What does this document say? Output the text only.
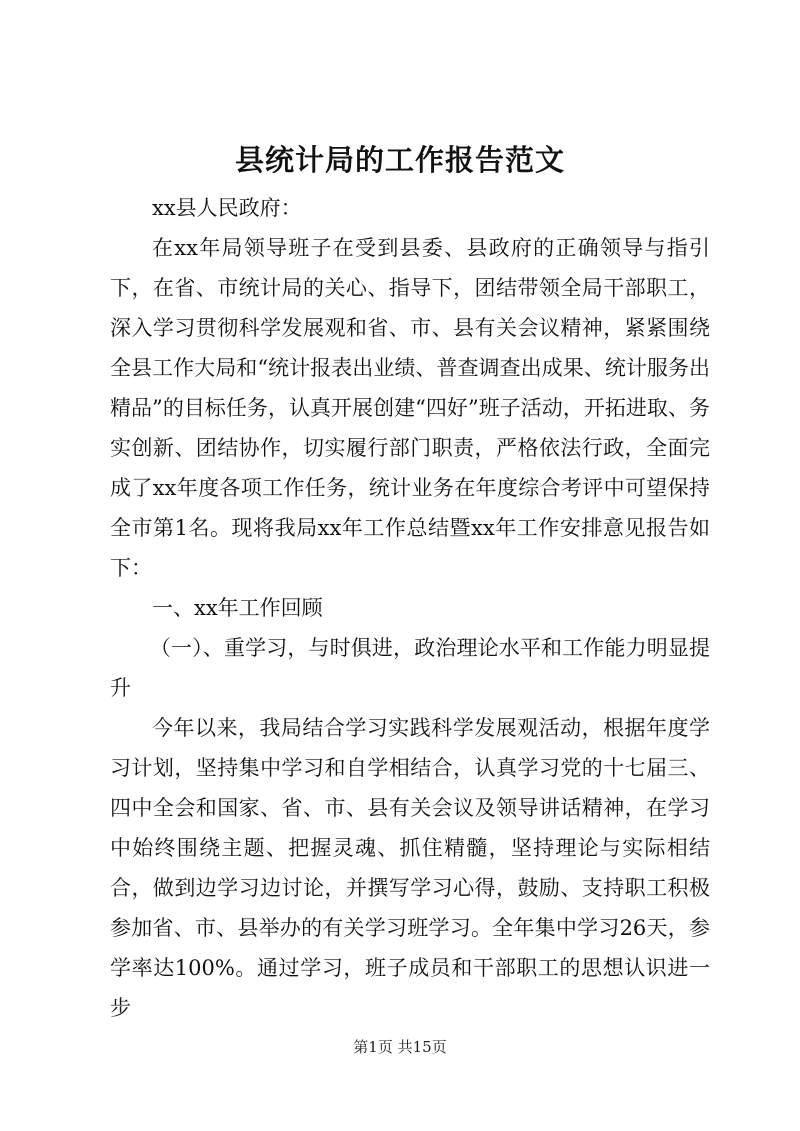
县统计局的工作报告范文

xx县人民政府：

在xx年局领导班子在受到县委、县政府的正确领导与指引下，在省、市统计局的关心、指导下，团结带领全局干部职工，深入学习贯彻科学发展观和省、市、县有关会议精神，紧紧围绕全县工作大局和“统计报表出业绩、普查调查出成果、统计服务出精品”的目标任务，认真开展创建“四好”班子活动，开拓进取、务实创新、团结协作，切实履行部门职责，严格依法行政，全面完成了xx年度各项工作任务，统计业务在年度综合考评中可望保持全市第1名。现将我局xx年工作总结暨xx年工作安排意见报告如下：

一、xx年工作回顾

（一）、重学习，与时俱进，政治理论水平和工作能力明显提升

今年以来，我局结合学习实践科学发展观活动，根据年度学习计划，坚持集中学习和自学相结合，认真学习党的十七届三、四中全会和国家、省、市、县有关会议及领导讲话精神，在学习中始终围绕主题、把握灵魂、抓住精髓，坚持理论与实际相结合，做到边学习边讨论，并撰写学习心得，鼓励、支持职工积极参加省、市、县举办的有关学习班学习。全年集中学习26天，参学率达100%。通过学习，班子成员和干部职工的思想认识进一步

第1页 共15页
